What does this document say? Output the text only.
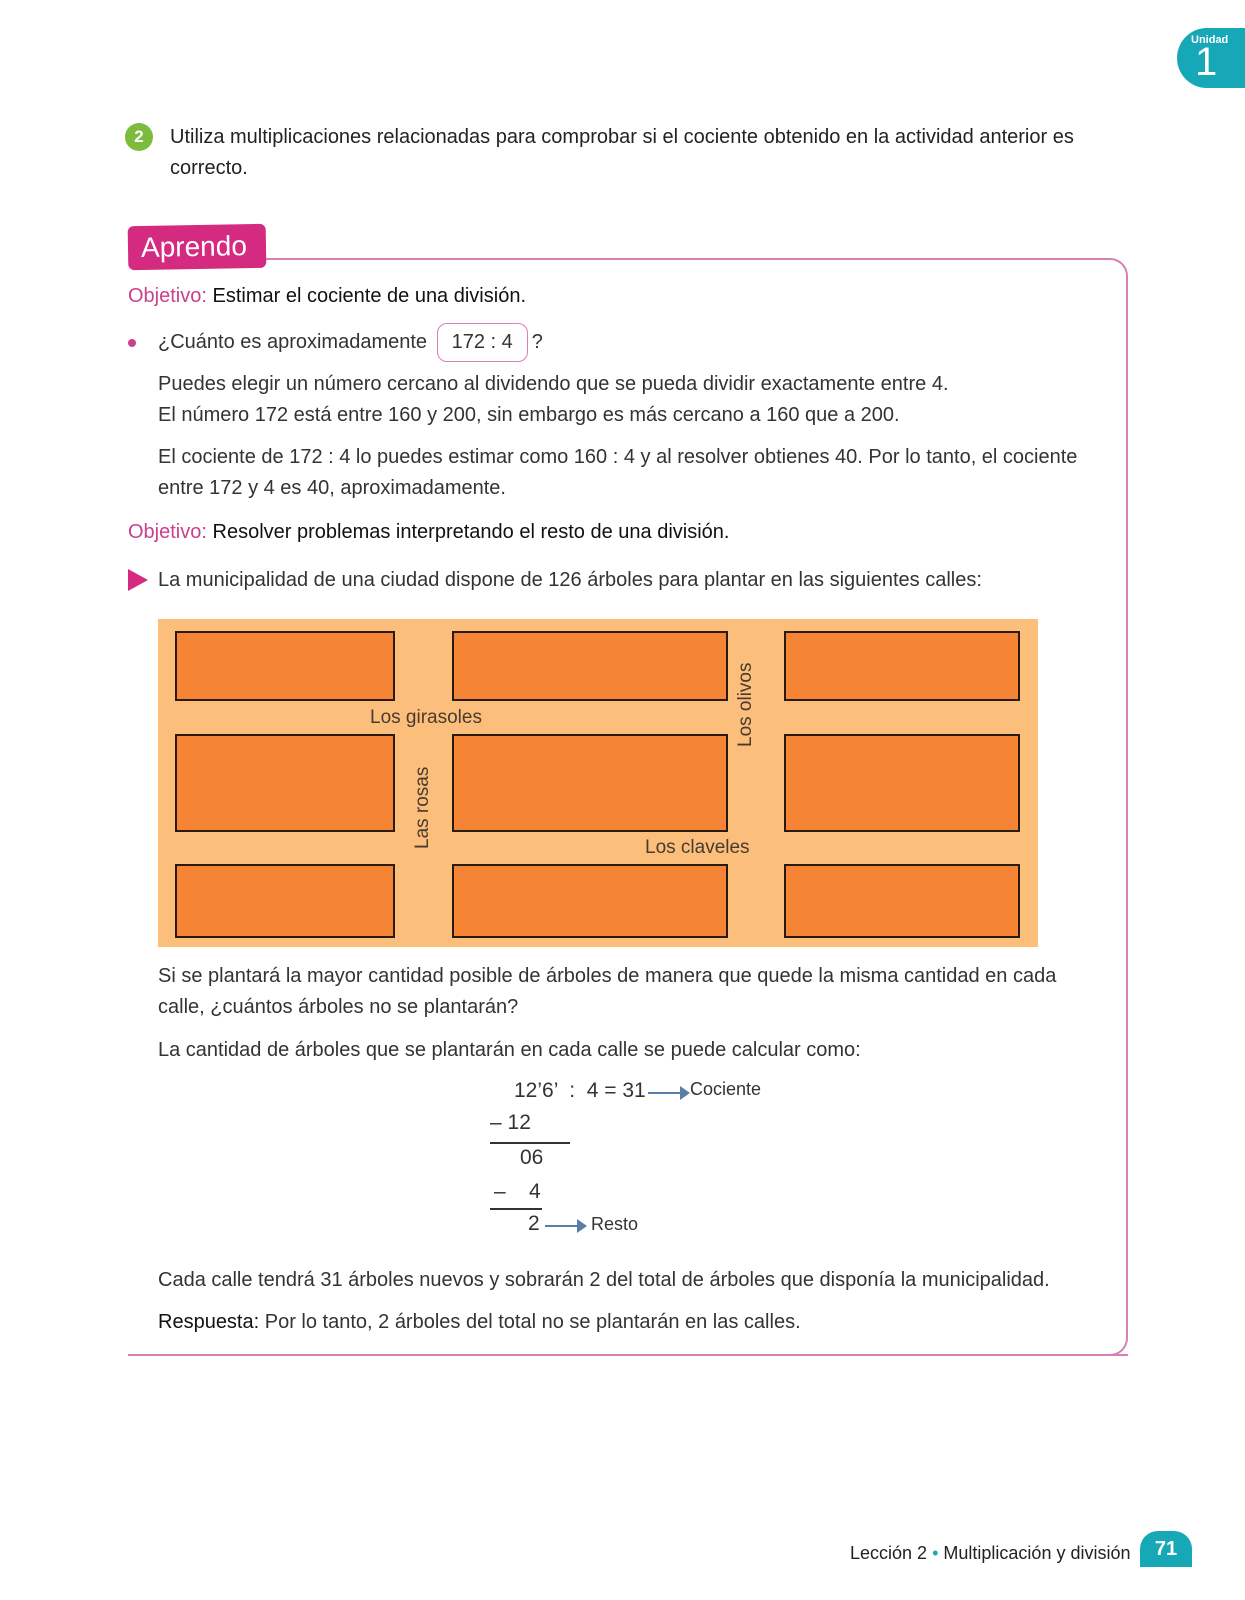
Unidad
1
2	Utiliza multiplicaciones relacionadas para comprobar si el cociente obtenido en la actividad anterior es correcto.
Aprendo
Objetivo: Estimar el cociente de una división.
¿Cuánto es aproximadamente 172 : 4 ?
Puedes elegir un número cercano al dividendo que se pueda dividir exactamente entre 4.
El número 172 está entre 160 y 200, sin embargo es más cercano a 160 que a 200.
El cociente de 172 : 4 lo puedes estimar como 160 : 4 y al resolver obtienes 40. Por lo tanto, el cociente entre 172 y 4 es 40, aproximadamente.
Objetivo: Resolver problemas interpretando el resto de una división.
La municipalidad de una ciudad dispone de 126 árboles para plantar en las siguientes calles:
Los girasoles
Los claveles
Los olivos
Las rosas
Si se plantará la mayor cantidad posible de árboles de manera que quede la misma cantidad en cada calle, ¿cuántos árboles no se plantarán?
La cantidad de árboles que se plantarán en cada calle se puede calcular como:
12’6’  :  4 = 31 Cociente
– 12
06
–    4
2	Resto
Cada calle tendrá 31 árboles nuevos y sobrarán 2 del total de árboles que disponía la municipalidad.
Respuesta: Por lo tanto, 2 árboles del total no se plantarán en las calles.
Lección 2 • Multiplicación y división	71
